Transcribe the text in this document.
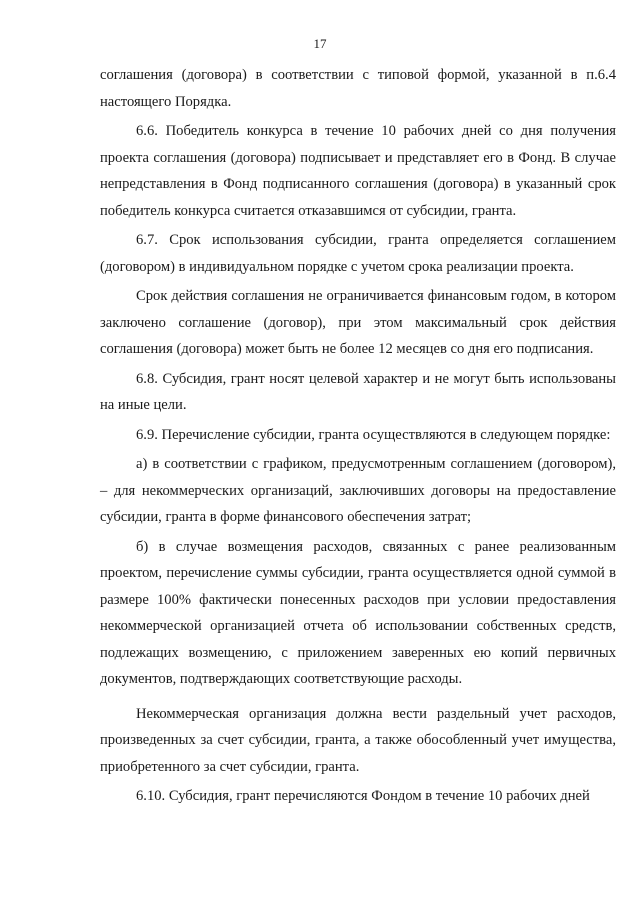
17

соглашения (договора) в соответствии с типовой формой, указанной в п.6.4 настоящего Порядка.

6.6. Победитель конкурса в течение 10 рабочих дней со дня получения проекта соглашения (договора) подписывает и представляет его в Фонд. В случае непредставления в Фонд подписанного соглашения (договора) в указанный срок победитель конкурса считается отказавшимся от субсидии, гранта.

6.7. Срок использования субсидии, гранта определяется соглашением (договором) в индивидуальном порядке с учетом срока реализации проекта.

Срок действия соглашения не ограничивается финансовым годом, в котором заключено соглашение (договор), при этом максимальный срок действия соглашения (договора) может быть не более 12 месяцев со дня его подписания.

6.8. Субсидия, грант носят целевой характер и не могут быть использованы на иные цели.

6.9. Перечисление субсидии, гранта осуществляются в следующем порядке:

а) в соответствии с графиком, предусмотренным соглашением (договором), – для некоммерческих организаций, заключивших договоры на предоставление субсидии, гранта в форме финансового обеспечения затрат;

б) в случае возмещения расходов, связанных с ранее реализованным проектом, перечисление суммы субсидии, гранта осуществляется одной суммой в размере 100% фактически понесенных расходов при условии предоставления некоммерческой организацией отчета об использовании собственных средств, подлежащих возмещению, с приложением заверенных ею копий первичных документов, подтверждающих соответствующие расходы.

Некоммерческая организация должна вести раздельный учет расходов, произведенных за счет субсидии, гранта, а также обособленный учет имущества, приобретенного за счет субсидии, гранта.

6.10. Субсидия, грант перечисляются Фондом в течение 10 рабочих дней
